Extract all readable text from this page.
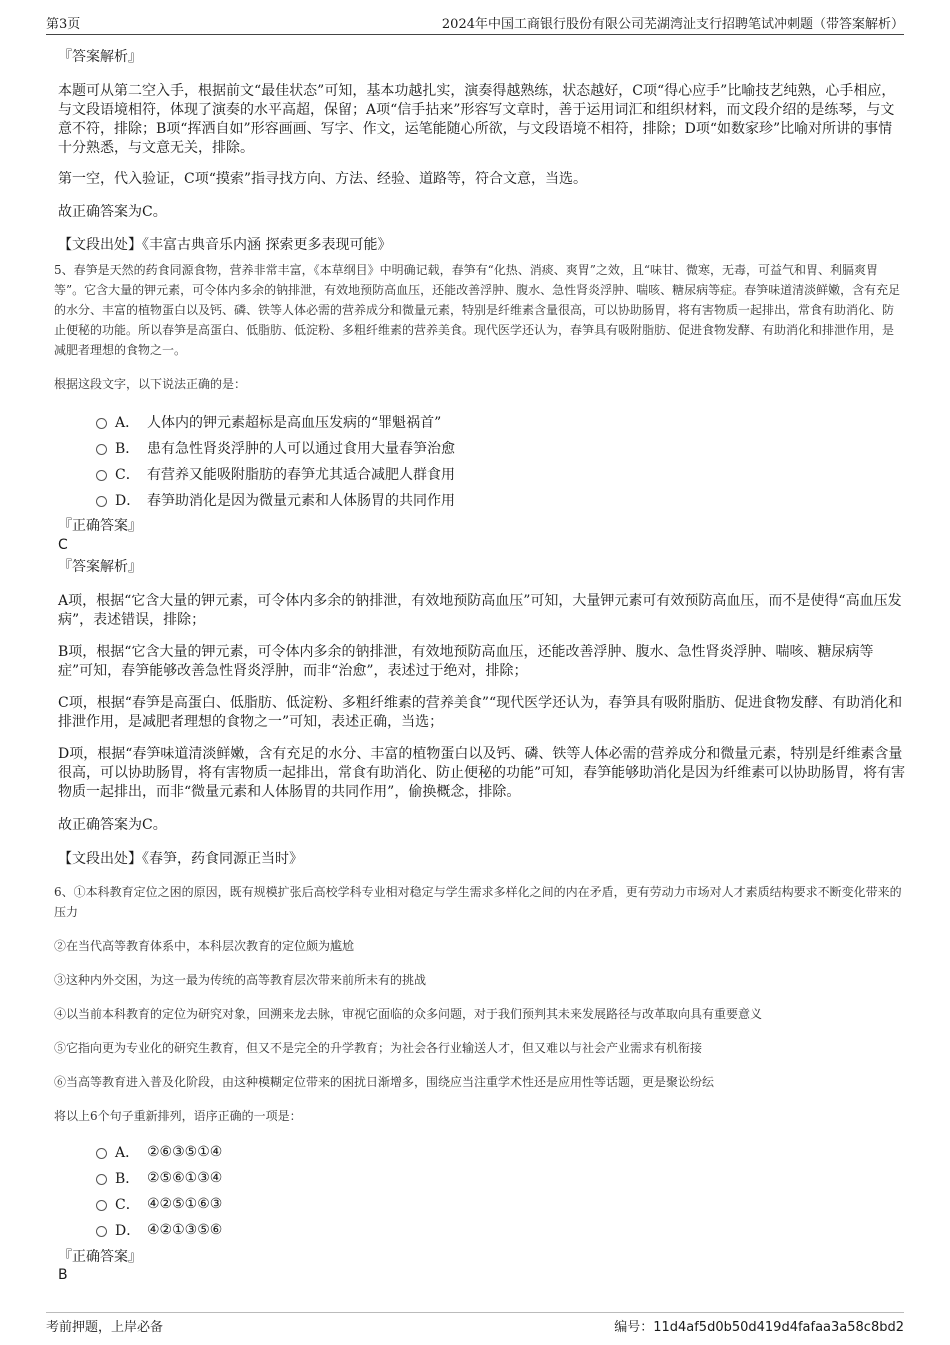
第3页	2024年中国工商银行股份有限公司芜湖湾沚支行招聘笔试冲刺题（带答案解析）
『答案解析』
本题可从第二空入手，根据前文“最佳状态”可知，基本功越扎实，演奏得越熟练，状态越好，C项“得心应手”比喻技艺纯熟，心手相应，与文段语境相符，体现了演奏的水平高超，保留；A项“信手拈来”形容写文章时，善于运用词汇和组织材料，而文段介绍的是练琴，与文意不符，排除；B项“挥洒自如”形容画画、写字、作文，运笔能随心所欲，与文段语境不相符，排除；D项“如数家珍”比喻对所讲的事情十分熟悉，与文意无关，排除。
第一空，代入验证，C项“摸索”指寻找方向、方法、经验、道路等，符合文意，当选。
故正确答案为C。
【文段出处】《丰富古典音乐内涵 探索更多表现可能》
5、春笋是天然的药食同源食物，营养非常丰富，《本草纲目》中明确记载，春笋有“化热、消痰、爽胃”之效，且“味甘、微寒，无毒，可益气和胃、利膈爽胃等”。它含大量的钾元素，可令体内多余的钠排泄，有效地预防高血压，还能改善浮肿、腹水、急性肾炎浮肿、喘咳、糖尿病等症。春笋味道清淡鲜嫩，含有充足的水分、丰富的植物蛋白以及钙、磷、铁等人体必需的营养成分和微量元素，特别是纤维素含量很高，可以协助肠胃，将有害物质一起排出，常食有助消化、防止便秘的功能。所以春笋是高蛋白、低脂肪、低淀粉、多粗纤维素的营养美食。现代医学还认为，春笋具有吸附脂肪、促进食物发酵、有助消化和排泄作用，是减肥者理想的食物之一。
根据这段文字，以下说法正确的是：
A． 人体内的钾元素超标是高血压发病的“罪魁祸首”
B． 患有急性肾炎浮肿的人可以通过食用大量春笋治愈
C． 有营养又能吸附脂肪的春笋尤其适合减肥人群食用
D． 春笋助消化是因为微量元素和人体肠胃的共同作用
『正确答案』
C
『答案解析』
A项，根据“它含大量的钾元素，可令体内多余的钠排泄，有效地预防高血压”可知，大量钾元素可有效预防高血压，而不是使得“高血压发病”，表述错误，排除；
B项，根据“它含大量的钾元素，可令体内多余的钠排泄，有效地预防高血压，还能改善浮肿、腹水、急性肾炎浮肿、喘咳、糖尿病等症”可知，春笋能够改善急性肾炎浮肿，而非“治愈”，表述过于绝对，排除；
C项，根据“春笋是高蛋白、低脂肪、低淀粉、多粗纤维素的营养美食”“现代医学还认为，春笋具有吸附脂肪、促进食物发酵、有助消化和排泄作用，是减肥者理想的食物之一”可知，表述正确，当选；
D项，根据“春笋味道清淡鲜嫩，含有充足的水分、丰富的植物蛋白以及钙、磷、铁等人体必需的营养成分和微量元素，特别是纤维素含量很高，可以协助肠胃，将有害物质一起排出，常食有助消化、防止便秘的功能”可知，春笋能够助消化是因为纤维素可以协助肠胃，将有害物质一起排出，而非“微量元素和人体肠胃的共同作用”，偷换概念，排除。
故正确答案为C。
【文段出处】《春笋，药食同源正当时》
6、①本科教育定位之困的原因，既有规模扩张后高校学科专业相对稳定与学生需求多样化之间的内在矛盾，更有劳动力市场对人才素质结构要求不断变化带来的压力
②在当代高等教育体系中，本科层次教育的定位颇为尴尬
③这种内外交困，为这一最为传统的高等教育层次带来前所未有的挑战
④以当前本科教育的定位为研究对象，回溯来龙去脉，审视它面临的众多问题，对于我们预判其未来发展路径与改革取向具有重要意义
⑤它指向更为专业化的研究生教育，但又不是完全的升学教育；为社会各行业输送人才，但又难以与社会产业需求有机衔接
⑥当高等教育进入普及化阶段，由这种模糊定位带来的困扰日渐增多，围绕应当注重学术性还是应用性等话题，更是聚讼纷纭
将以上6个句子重新排列，语序正确的一项是：
A． ②⑥③⑤①④
B． ②⑤⑥①③④
C． ④②⑤①⑥③
D． ④②①③⑤⑥
『正确答案』
B
考前押题，上岸必备	编号：11d4af5d0b50d419d4fafaa3a58c8bd2
